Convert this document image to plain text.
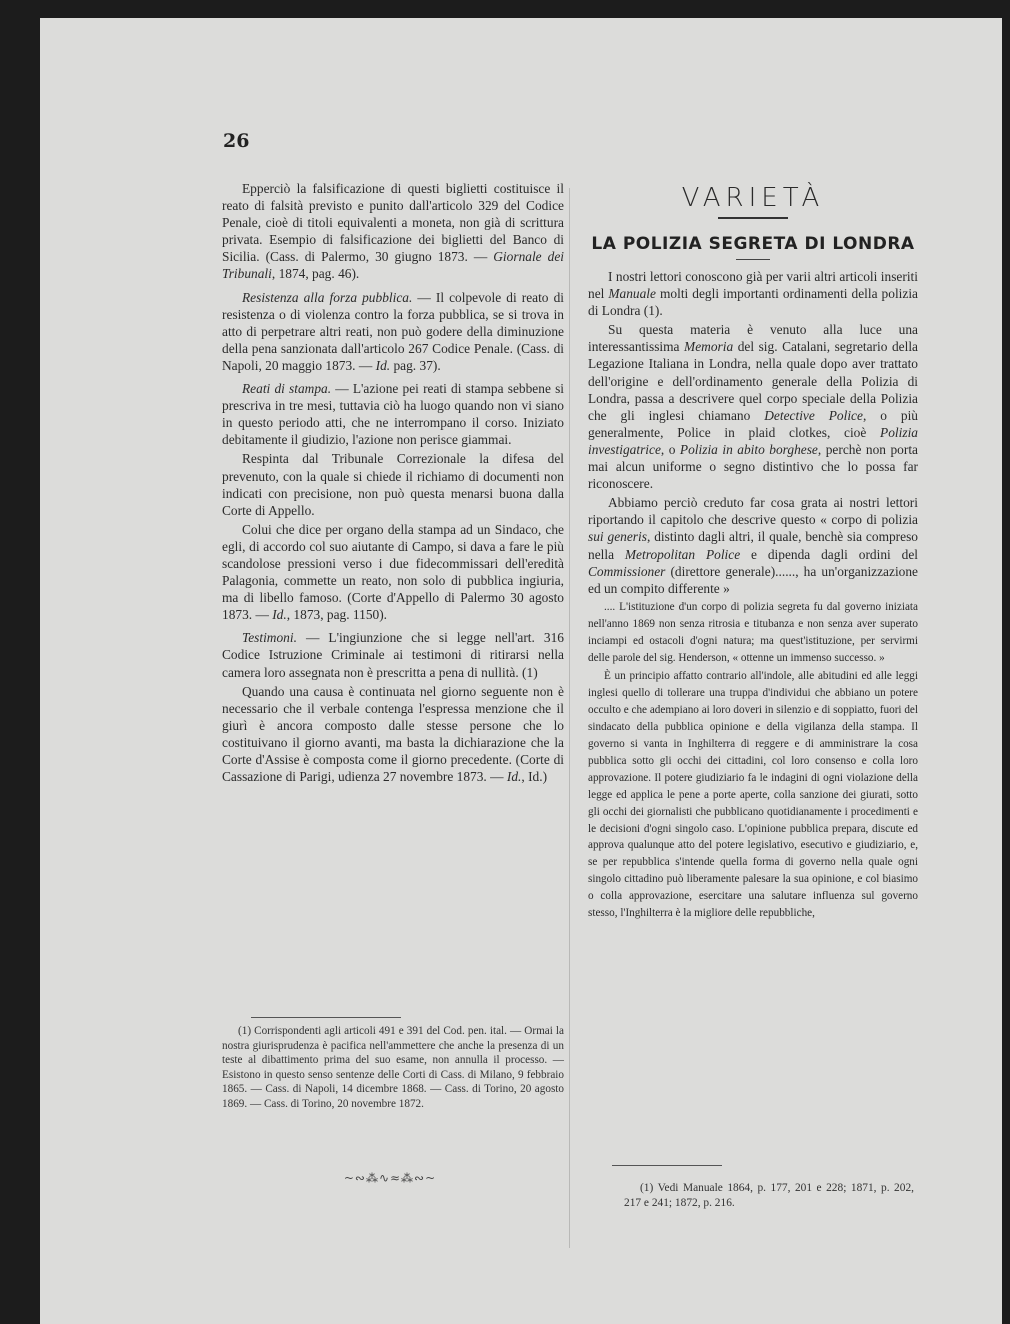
26

Epperciò la falsificazione di questi biglietti costituisce il reato di falsità previsto e punito dall'articolo 329 del Codice Penale, cioè di titoli equivalenti a moneta, non già di scrittura privata. Esempio di falsificazione dei biglietti del Banco di Sicilia. (Cass. di Palermo, 30 giugno 1873. — Giornale dei Tribunali, 1874, pag. 46).

Resistenza alla forza pubblica. — Il colpevole di reato di resistenza o di violenza contro la forza pubblica, se si trova in atto di perpetrare altri reati, non può godere della diminuzione della pena sanzionata dall'articolo 267 Codice Penale. (Cass. di Napoli, 20 maggio 1873. — Id. pag. 37).

Reati di stampa. — L'azione pei reati di stampa sebbene si prescriva in tre mesi, tuttavia ciò ha luogo quando non vi siano in questo periodo atti, che ne interrompano il corso. Iniziato debitamente il giudizio, l'azione non perisce giammai.

Respinta dal Tribunale Correzionale la difesa del prevenuto, con la quale si chiede il richiamo di documenti non indicati con precisione, non può questa menarsi buona dalla Corte di Appello.

Colui che dice per organo della stampa ad un Sindaco, che egli, di accordo col suo aiutante di Campo, si dava a fare le più scandolose pressioni verso i due fidecommissari dell'eredità Palagonia, commette un reato, non solo di pubblica ingiuria, ma di libello famoso. (Corte d'Appello di Palermo 30 agosto 1873. — Id., 1873, pag. 1150).

Testimoni. — L'ingiunzione che si legge nell'art. 316 Codice Istruzione Criminale ai testimoni di ritirarsi nella camera loro assegnata non è prescritta a pena di nullità. (1)

Quando una causa è continuata nel giorno seguente non è necessario che il verbale contenga l'espressa menzione che il giurì è ancora composto dalle stesse persone che lo costituivano il giorno avanti, ma basta la dichiarazione che la Corte d'Assise è composta come il giorno precedente. (Corte di Cassazione di Parigi, udienza 27 novembre 1873. — Id., Id.)

(1) Corrispondenti agli articoli 491 e 391 del Cod. pen. ital. — Ormai la nostra giurisprudenza è pacifica nell'ammettere che anche la presenza di un teste al dibattimento prima del suo esame, non annulla il processo. — Esistono in questo senso sentenze delle Corti di Cass. di Milano, 9 febbraio 1865. — Cass. di Napoli, 14 dicembre 1868. — Cass. di Torino, 20 agosto 1869. — Cass. di Torino, 20 novembre 1872.

~∾⁂∿≈⁂∾~
VARIETÀ
LA POLIZIA SEGRETA DI LONDRA

I nostri lettori conoscono già per varii altri articoli inseriti nel Manuale molti degli importanti ordinamenti della polizia di Londra (1).

Su questa materia è venuto alla luce una interessantissima Memoria del sig. Catalani, segretario della Legazione Italiana in Londra, nella quale dopo aver trattato dell'origine e dell'ordinamento generale della Polizia di Londra, passa a descrivere quel corpo speciale della Polizia che gli inglesi chiamano Detective Police, o più generalmente, Police in plaid clotkes, cioè Polizia investigatrice, o Polizia in abito borghese, perchè non porta mai alcun uniforme o segno distintivo che lo possa far riconoscere.

Abbiamo perciò creduto far cosa grata ai nostri lettori riportando il capitolo che descrive questo « corpo di polizia sui generis, distinto dagli altri, il quale, benchè sia compreso nella Metropolitan Police e dipenda dagli ordini del Commissioner (direttore generale)......, ha un'organizzazione ed un compito differente »

.... L'istituzione d'un corpo di polizia segreta fu dal governo iniziata nell'anno 1869 non senza ritrosia e titubanza e non senza aver superato inciampi ed ostacoli d'ogni natura; ma quest'istituzione, per servirmi delle parole del sig. Henderson, « ottenne un immenso successo. »

È un principio affatto contrario all'indole, alle abitudini ed alle leggi inglesi quello di tollerare una truppa d'individui che abbiano un potere occulto e che adempiano ai loro doveri in silenzio e di soppiatto, fuori del sindacato della pubblica opinione e della vigilanza della stampa. Il governo si vanta in Inghilterra di reggere e di amministrare la cosa pubblica sotto gli occhi dei cittadini, col loro consenso e colla loro approvazione. Il potere giudiziario fa le indagini di ogni violazione della legge ed applica le pene a porte aperte, colla sanzione dei giurati, sotto gli occhi dei giornalisti che pubblicano quotidianamente i procedimenti e le decisioni d'ogni singolo caso. L'opinione pubblica prepara, discute ed approva qualunque atto del potere legislativo, esecutivo e giudiziario, e, se per repubblica s'intende quella forma di governo nella quale ogni singolo cittadino può liberamente palesare la sua opinione, e col biasimo o colla approvazione, esercitare una salutare influenza sul governo stesso, l'Inghilterra è la migliore delle repubbliche,

(1) Vedi Manuale 1864, p. 177, 201 e 228; 1871, p. 202, 217 e 241; 1872, p. 216.
